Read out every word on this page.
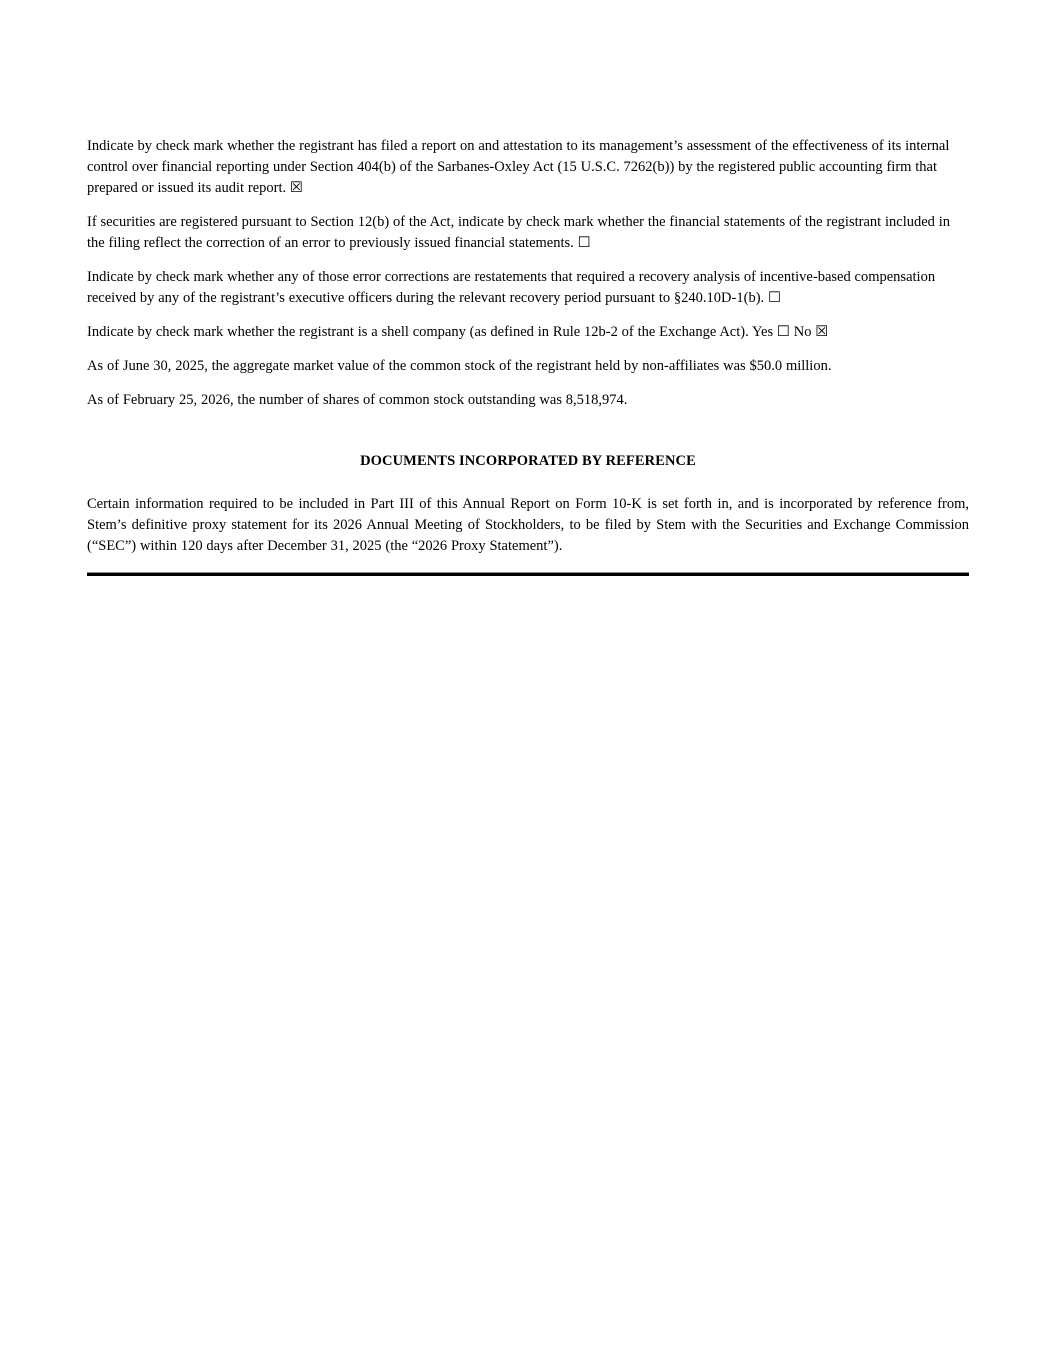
Indicate by check mark whether the registrant has filed a report on and attestation to its management’s assessment of the effectiveness of its internal control over financial reporting under Section 404(b) of the Sarbanes-Oxley Act (15 U.S.C. 7262(b)) by the registered public accounting firm that prepared or issued its audit report. ☒

If securities are registered pursuant to Section 12(b) of the Act, indicate by check mark whether the financial statements of the registrant included in the filing reflect the correction of an error to previously issued financial statements. ☐

Indicate by check mark whether any of those error corrections are restatements that required a recovery analysis of incentive-based compensation received by any of the registrant’s executive officers during the relevant recovery period pursuant to §240.10D-1(b). ☐

Indicate by check mark whether the registrant is a shell company (as defined in Rule 12b-2 of the Exchange Act). Yes ☐ No ☒

As of June 30, 2025, the aggregate market value of the common stock of the registrant held by non-affiliates was $50.0 million.

As of February 25, 2026, the number of shares of common stock outstanding was 8,518,974.

DOCUMENTS INCORPORATED BY REFERENCE

Certain information required to be included in Part III of this Annual Report on Form 10-K is set forth in, and is incorporated by reference from, Stem’s definitive proxy statement for its 2026 Annual Meeting of Stockholders, to be filed by Stem with the Securities and Exchange Commission (“SEC”) within 120 days after December 31, 2025 (the “2026 Proxy Statement”).
